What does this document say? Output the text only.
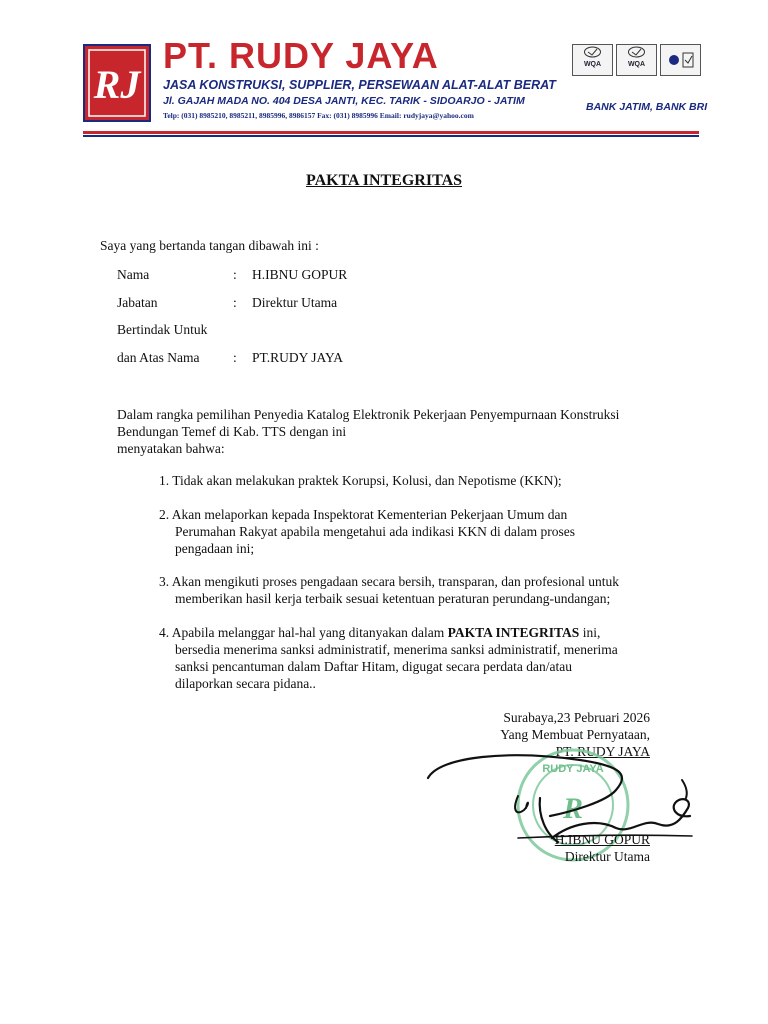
RJ
PT. RUDY JAYA
JASA KONSTRUKSI, SUPPLIER, PERSEWAAN ALAT-ALAT BERAT
Jl. GAJAH MADA NO. 404 DESA JANTI, KEC. TARIK - SIDOARJO - JATIM
Telp: (031) 8985210, 8985211, 8985996, 8986157 Fax: (031) 8985996 Email: rudyjaya@yahoo.com
WQA	WQA
BANK JATIM, BANK BRI
PAKTA INTEGRITAS
Saya yang bertanda tangan dibawah ini :
Nama	: H.IBNU GOPUR
Jabatan	: Direktur Utama
Bertindak Untuk
dan Atas Nama : PT.RUDY JAYA
Dalam rangka pemilihan Penyedia Katalog Elektronik Pekerjaan Penyempurnaan Konstruksi
Bendungan Temef di Kab. TTS dengan ini
menyatakan bahwa:
1. Tidak akan melakukan praktek Korupsi, Kolusi, dan Nepotisme (KKN);
2. Akan melaporkan kepada Inspektorat Kementerian Pekerjaan Umum dan
Perumahan Rakyat apabila mengetahui ada indikasi KKN di dalam proses
pengadaan ini;
3. Akan mengikuti proses pengadaan secara bersih, transparan, dan profesional untuk
memberikan hasil kerja terbaik sesuai ketentuan peraturan perundang-undangan;
4. Apabila melanggar hal-hal yang ditanyakan dalam PAKTA INTEGRITAS ini,
bersedia menerima sanksi administratif, menerima sanksi administratif, menerima
sanksi pencantuman dalam Daftar Hitam, digugat secara perdata dan/atau
dilaporkan secara pidana..
Surabaya,23 Pebruari 2026
Yang Membuat Pernyataan,
PT. RUDY JAYA
RUDY JAYA
R
H.IBNU GOPUR
Direktur Utama
